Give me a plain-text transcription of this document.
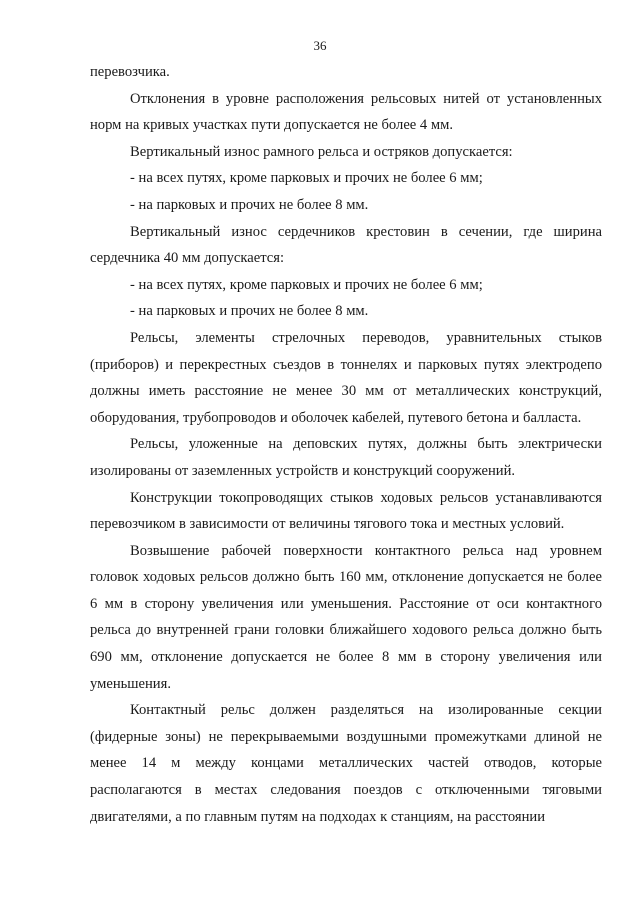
36

перевозчика.

Отклонения в уровне расположения рельсовых нитей от установленных норм на кривых участках пути допускается не более 4 мм.

Вертикальный износ рамного рельса и остряков допускается:

- на всех путях, кроме парковых и прочих не более 6 мм;

- на парковых и прочих не более 8 мм.

Вертикальный износ сердечников крестовин в сечении, где ширина сердечника 40 мм допускается:

- на всех путях, кроме парковых и прочих не более 6 мм;

- на парковых и прочих не более 8 мм.

Рельсы, элементы стрелочных переводов, уравнительных стыков (приборов) и перекрестных съездов в тоннелях и парковых путях электродепо должны иметь расстояние не менее 30 мм от металлических конструкций, оборудования, трубопроводов и оболочек кабелей, путевого бетона и балласта.

Рельсы, уложенные на деповских путях, должны быть электрически изолированы от заземленных устройств и конструкций сооружений.

Конструкции токопроводящих стыков ходовых рельсов устанавливаются перевозчиком в зависимости от величины тягового тока и местных условий.

Возвышение рабочей поверхности контактного рельса над уровнем головок ходовых рельсов должно быть 160 мм, отклонение допускается не более 6 мм в сторону увеличения или уменьшения. Расстояние от оси контактного рельса до внутренней грани головки ближайшего ходового рельса должно быть 690 мм, отклонение допускается не более 8 мм в сторону увеличения или уменьшения.

Контактный рельс должен разделяться на изолированные секции (фидерные зоны) не перекрываемыми воздушными промежутками длиной не менее 14 м между концами металлических частей отводов, которые располагаются в местах следования поездов с отключенными тяговыми двигателями, а по главным путям на подходах к станциям, на расстоянии
